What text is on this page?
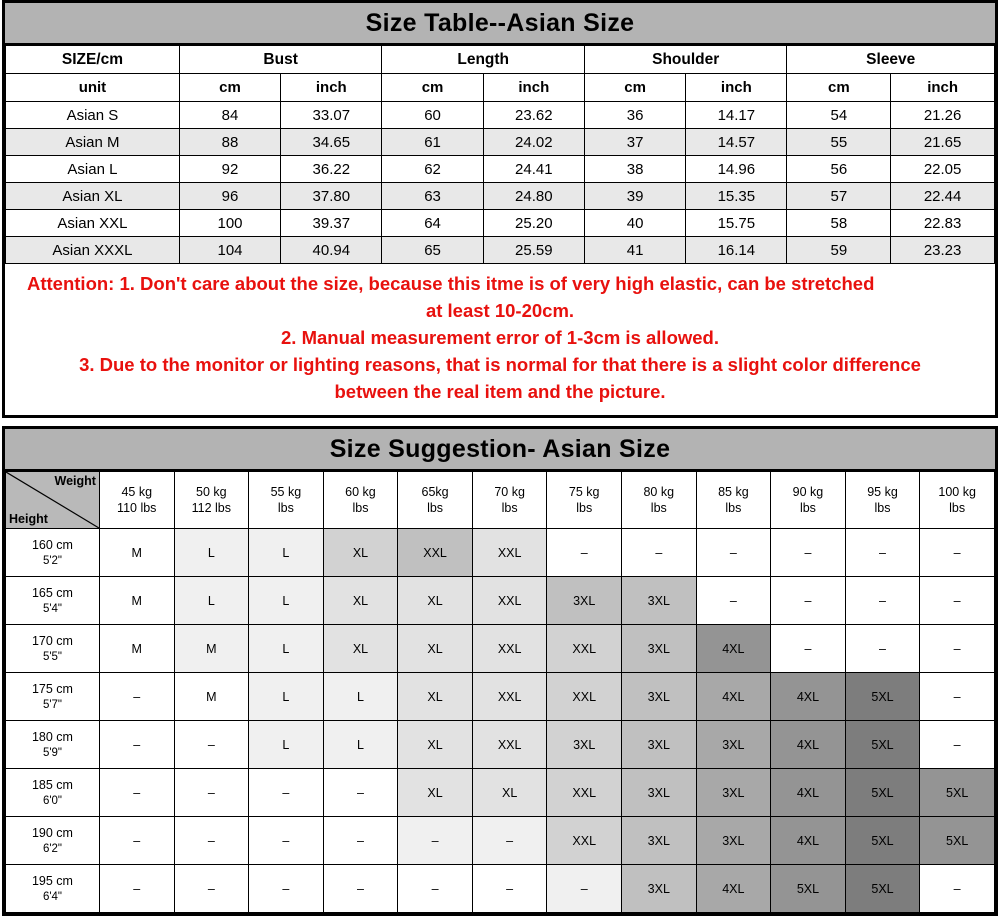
Size Table--Asian Size
SIZE/cm	Bust		Length		Shoulder		Sleeve	
unit	cm	inch	cm	inch	cm	inch	cm	inch
Asian S	84	33.07	60	23.62	36	14.17	54	21.26
Asian M	88	34.65	61	24.02	37	14.57	55	21.65
Asian L	92	36.22	62	24.41	38	14.96	56	22.05
Asian XL	96	37.80	63	24.80	39	15.35	57	22.44
Asian XXL	100	39.37	64	25.20	40	15.75	58	22.83
Asian XXXL	104	40.94	65	25.59	41	16.14	59	23.23

Attention: 1. Don't care about the size, because this itme is of very high elastic, can be stretched

at least 10-20cm.

2. Manual measurement error of 1-3cm is allowed.

3. Due to the monitor or lighting reasons, that is normal for that there is a slight color difference

between the real item and the picture.

Size Suggestion- Asian Size
Weight
Height	45 kg
110 lbs	50 kg
112 lbs	55 kg
lbs	60 kg
lbs	65kg
lbs	70 kg
lbs	75 kg
lbs	80 kg
lbs	85 kg
lbs	90 kg
lbs	95 kg
lbs	100 kg
lbs

160 cm
5'2"	M	L	L	XL	XXL	XXL	–	–	–	–	–	–

165 cm
5'4"	M	L	L	XL	XL	XXL	3XL	3XL	–	–	–	–

170 cm
5'5"	M	M	L	XL	XL	XXL	XXL	3XL	4XL	–	–	–

175 cm
5'7"	–	M	L	L	XL	XXL	XXL	3XL	4XL	4XL	5XL	–

180 cm
5'9"	–	–	L	L	XL	XXL	3XL	3XL	3XL	4XL	5XL	–

185 cm
6'0"	–	–	–	–	XL	XL	XXL	3XL	3XL	4XL	5XL	5XL

190 cm
6'2"	–	–	–	–	–	–	XXL	3XL	3XL	4XL	5XL	5XL

195 cm
6'4"	–	–	–	–	–	–	–	3XL	4XL	5XL	5XL	–
